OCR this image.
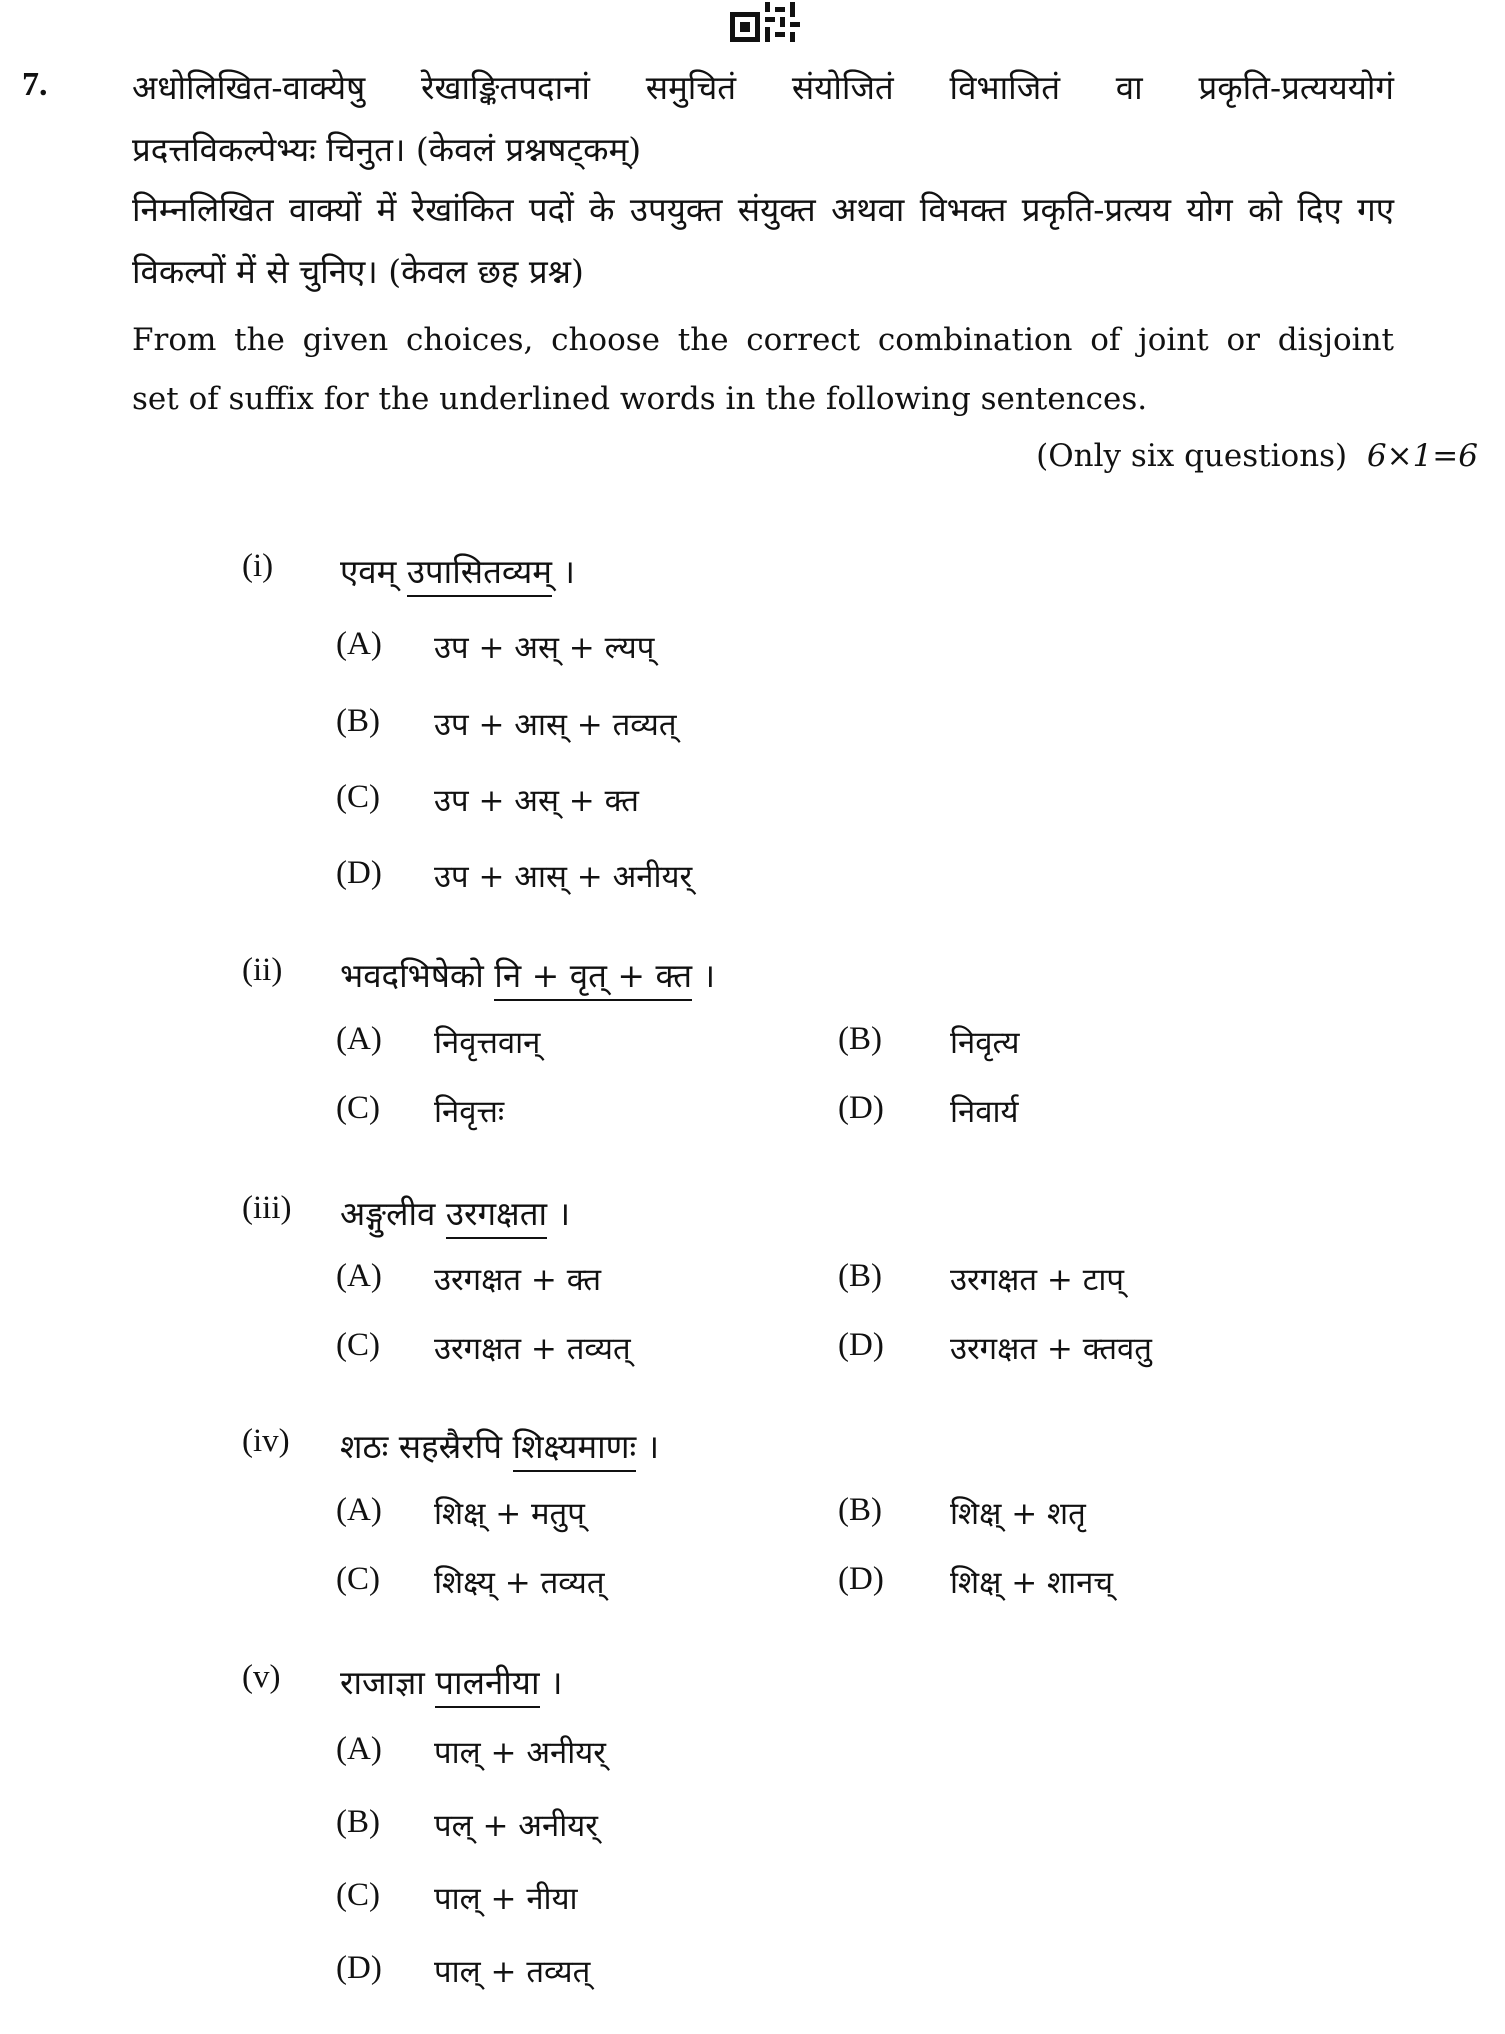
7.	अधोलिखित-वाक्येषु रेखाङ्कितपदानां समुचितं संयोजितं विभाजितं वा प्रकृति-प्रत्यययोगं
प्रदत्तविकल्पेभ्यः चिनुत। (केवलं प्रश्नषट्कम्)
निम्नलिखित वाक्यों में रेखांकित पदों के उपयुक्त संयुक्त अथवा विभक्त प्रकृति-प्रत्यय योग को दिए गए
विकल्पों में से चुनिए। (केवल छह प्रश्न)
From the given choices, choose the correct combination of joint or disjoint
set of suffix for the underlined words in the following sentences.
(Only six questions) 6×1=6
(i) एवम् उपासितव्यम् ।
(A) उप + अस् + ल्यप्
(B) उप + आस् + तव्यत्
(C) उप + अस् + क्त
(D) उप + आस् + अनीयर्
(ii) भवदभिषेको नि + वृत् + क्त ।
(A) निवृत्तवान्	(B) निवृत्य
(C) निवृत्तः	(D) निवार्य
(iii) अङ्गुलीव उरगक्षता ।
(A) उरगक्षत + क्त	(B) उरगक्षत + टाप्
(C) उरगक्षत + तव्यत्	(D) उरगक्षत + क्तवतु
(iv) शठः सहस्रैरपि शिक्ष्यमाणः ।
(A) शिक्ष् + मतुप्	(B) शिक्ष् + शतृ
(C) शिक्ष्य् + तव्यत्	(D) शिक्ष् + शानच्
(v) राजाज्ञा पालनीया ।
(A) पाल् + अनीयर्
(B) पल् + अनीयर्
(C) पाल् + नीया
(D) पाल् + तव्यत्
